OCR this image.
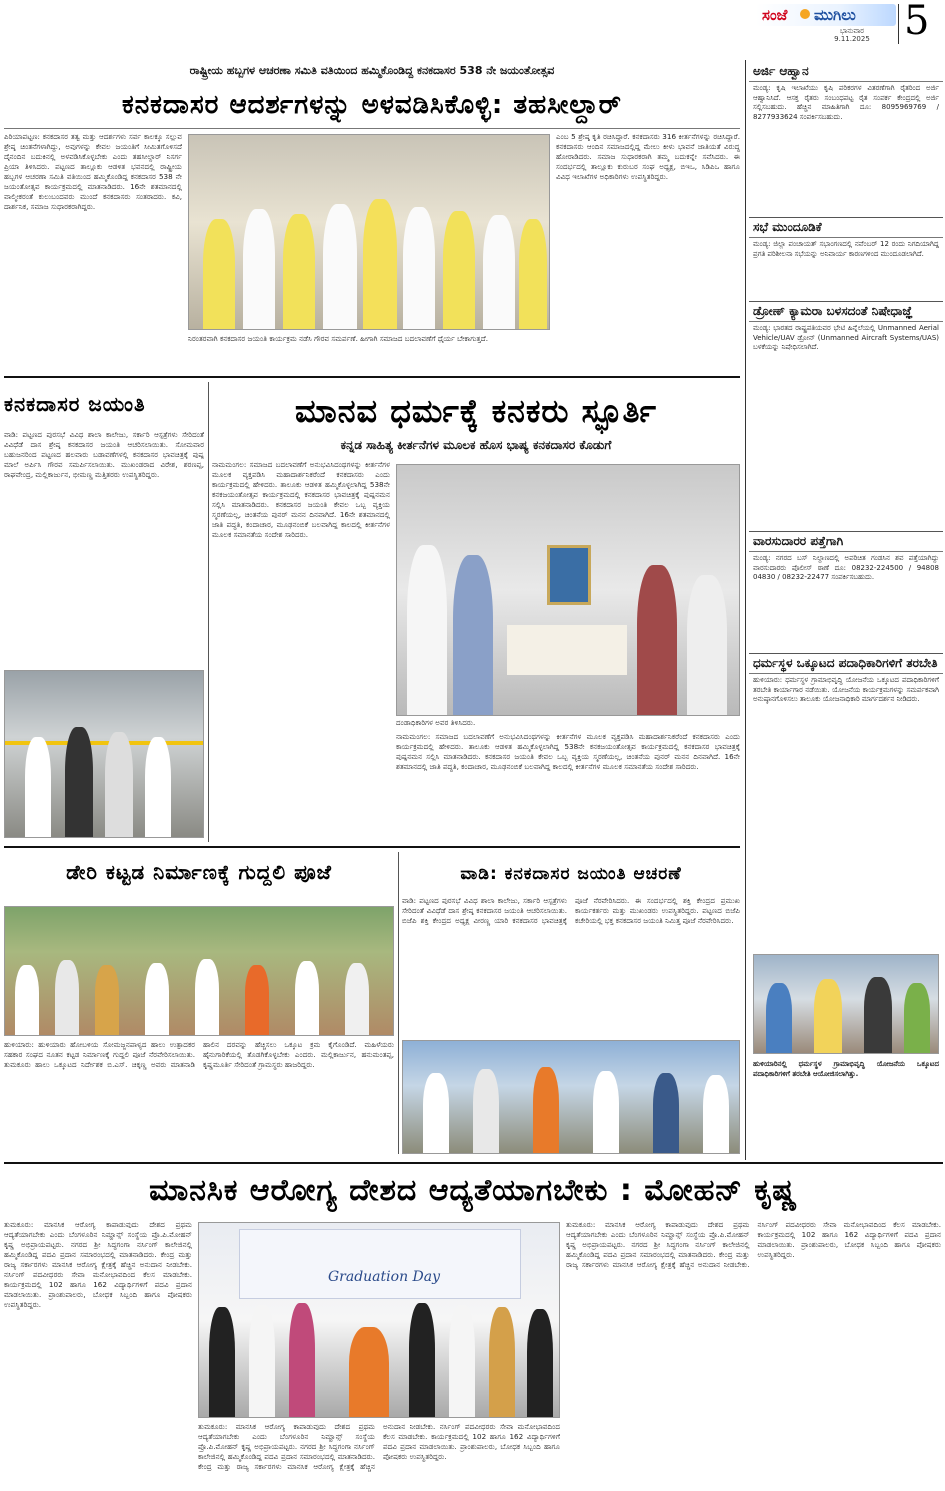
ಸಂಜೆ ಮುಗಿಲು
ಭಾನುವಾರ
9.11.2025 5
ರಾಷ್ಟ್ರೀಯ ಹಬ್ಬಗಳ ಆಚರಣಾ ಸಮಿತಿ ವತಿಯಿಂದ ಹಮ್ಮಿಕೊಂಡಿದ್ದ ಕನಕದಾಸರ 538 ನೇ ಜಯಂತೋತ್ಸವ
ಕನಕದಾಸರ ಆದರ್ಶಗಳನ್ನು ಅಳವಡಿಸಿಕೊಳ್ಳಿ: ತಹಸೀಲ್ದಾರ್
ಪಿರಿಯಾಪಟ್ಟಣ: ಕನಕದಾಸರ ತತ್ವ ಮತ್ತು ಆದರ್ಶಗಳು ಸರ್ವ ಕಾಲಕ್ಕೂ ಸಲ್ಲುವ ಶ್ರೇಷ್ಠ ಚಿಂತನೆಗಳಾಗಿದ್ದು, ಅವುಗಳನ್ನು ಕೇವಲ ಜಯಂತಿಗೆ ಸೀಮಿತಗೊಳಿಸದೆ ದೈನಂದಿನ ಬದುಕಿನಲ್ಲಿ ಅಳವಡಿಸಿಕೊಳ್ಳಬೇಕು ಎಂದು ತಹಸೀಲ್ದಾರ್ ನಿಸರ್ಗ ಪ್ರಿಯಾ ತಿಳಿಸಿದರು. ಪಟ್ಟಣದ ತಾಲ್ಲೂಕು ಆಡಳಿತ ಭವನದಲ್ಲಿ ರಾಷ್ಟ್ರೀಯ ಹಬ್ಬಗಳ ಆಚರಣಾ ಸಮಿತಿ ವತಿಯಿಂದ ಹಮ್ಮಿಕೊಂಡಿದ್ದ ಕನಕದಾಸರ 538 ನೇ ಜಯಂತೋತ್ಸವ ಕಾರ್ಯಕ್ರಮದಲ್ಲಿ ಮಾತನಾಡಿದರು. 16ನೇ ಶತಮಾನದಲ್ಲಿ ವಾಲ್ಮೀಕರಂತೆ ಕುಲುಬಂದವರು ಮುಂದೆ ಕನಕದಾಸರು ಸಂತರಾದರು. ಕವಿ, ದಾರ್ಶನಿಕ, ಸಮಾಜ ಸುಧಾರಕರಾಗಿದ್ದರು.
ನಿರಂತರವಾಗಿ ಕನಕದಾಸರ ಜಯಂತಿ ಕಾರ್ಯಕ್ರಮ ನಡೆಸಿ ಗೌರವ ಸಮರ್ಪಣೆ. ಹೀಗಾಗಿ ಸಮಾಜದ ಬದಲಾವಣೆಗೆ ಧೈರ್ಯ ಬೇಕಾಗುತ್ತದೆ.
ಎಂಬ 5 ಶ್ರೇಷ್ಠ ಕೃತಿ ರಚಿಸಿದ್ದಾರೆ. ಕನಕದಾಸರು 316 ಕೀರ್ತನೆಗಳನ್ನು ರಚಿಸಿದ್ದಾರೆ. ಕನಕದಾಸರು ಆಂದಿನ ಸಮಾಜದಲ್ಲಿದ್ದ ಮೇಲು ಕೀಳು ಭಾವನೆ ಜಾತಿಯತೆ ವಿರುದ್ಧ ಹೋರಾಡಿದರು. ಸಮಾಜ ಸುಧಾರಕರಾಗಿ ತಮ್ಮ ಬದುಕನ್ನೇ ಸವೆಸಿದರು. ಈ ಸಂದರ್ಭದಲ್ಲಿ ತಾಲ್ಲೂಕು ಕುರುಬರ ಸಂಘ ಅಧ್ಯಕ್ಷ, ಬಿಇಒ, ಸಿಡಿಪಿಒ ಹಾಗೂ ವಿವಿಧ ಇಲಾಖೆಗಳ ಅಧಿಕಾರಿಗಳು ಉಪಸ್ಥಿತರಿದ್ದರು.
ಕನಕದಾಸರ ಜಯಂತಿ
ವಾಡಿ: ಪಟ್ಟಣದ ಪುರಸಭೆ ವಿವಿಧ ಶಾಲಾ ಕಾಲೇಜು, ಸರ್ಕಾರಿ ಆಸ್ಪತ್ರೆಗಳು ಸೇರಿದಂತೆ ವಿವಿಧೆಡೆ ದಾಸ ಶ್ರೇಷ್ಠ ಕನಕದಾಸರ ಜಯಂತಿ ಆಚರಿಸಲಾಯಿತು. ಸೋಮವಾರ ಬಹುಜನರಿಂದ ಪಟ್ಟಣದ ಹಲವಾರು ಬಡಾವಣೆಗಳಲ್ಲಿ ಕನಕದಾಸರ ಭಾವಚಿತ್ರಕ್ಕೆ ಪುಷ್ಪ ಮಾಲೆ ಅರ್ಪಿಸಿ ಗೌರವ ಸಮರ್ಪಿಸಲಾಯಿತು. ಮುಖಂಡರಾದ ವಿರೇಶ, ಶರಣಪ್ಪ, ರಾಘವೇಂದ್ರ, ಮಲ್ಲಿಕಾರ್ಜುನ, ಭೀಮಣ್ಣ ಮತ್ತಿತರರು ಉಪಸ್ಥಿತರಿದ್ದರು.
ಮಾನವ ಧರ್ಮಕ್ಕೆ ಕನಕರು ಸ್ಫೂರ್ತಿ
ಕನ್ನಡ ಸಾಹಿತ್ಯ ಕೀರ್ತನೆಗಳ ಮೂಲಕ ಹೊಸ ಭಾಷ್ಯ ಕನಕದಾಸರ ಕೊಡುಗೆ
ನಾಮಮಂಗಲ: ಸಮಾಜದ ಬದಲಾವಣೆಗೆ ಅನುಭವಿಸಿದಂಥಗಳನ್ನು ಕೀರ್ತನೆಗಳ ಮೂಲಕ ವ್ಯಕ್ತಪಡಿಸಿ ಮಹಾದಾರ್ಶನಿಕರೆಂದೆ ಕನಕದಾಸರು ಎಂದು ಕಾರ್ಯಕ್ರಮದಲ್ಲಿ ಹೇಳಿದರು. ತಾಲೂಕು ಆಡಳಿತ ಹಮ್ಮಿಕೊಳ್ಳಲಾಗಿದ್ದ 538ನೇ ಕನಕಜಯಂತೋತ್ಸವ ಕಾರ್ಯಕ್ರಮದಲ್ಲಿ ಕನಕದಾಸರ ಭಾವಚಿತ್ರಕ್ಕೆ ಪುಷ್ಪನಮನ ಸಲ್ಲಿಸಿ ಮಾತನಾಡಿದರು. ಕನಕದಾಸರ ಜಯಂತಿ ಕೇವಲ ಒಬ್ಬ ವ್ಯಕ್ತಿಯ ಸ್ಮರಣೆಯಲ್ಲ, ಚಿಂತನೆಯ ಪುನರ್ ಮನನ ದಿನವಾಗಿದೆ. 16ನೇ ಶತಮಾನದಲ್ಲಿ ಜಾತಿ ಪದ್ಧತಿ, ಕಂದಾಚಾರ, ಮೂಢನಂಬಿಕೆ ಬಲವಾಗಿದ್ದ ಕಾಲದಲ್ಲಿ ಕೀರ್ತನೆಗಳ ಮೂಲಕ ಸಮಾನತೆಯ ಸಂದೇಶ ಸಾರಿದರು.
ದಂಡಾಧಿಕಾರಿಗಳ ಅವರ ತಿಳಿಸಿದರು.
ನಾಮಮಂಗಲ: ಸಮಾಜದ ಬದಲಾವಣೆಗೆ ಅನುಭವಿಸಿದಂಥಗಳನ್ನು ಕೀರ್ತನೆಗಳ ಮೂಲಕ ವ್ಯಕ್ತಪಡಿಸಿ ಮಹಾದಾರ್ಶನಿಕರೆಂದೆ ಕನಕದಾಸರು ಎಂದು ಕಾರ್ಯಕ್ರಮದಲ್ಲಿ ಹೇಳಿದರು. ತಾಲೂಕು ಆಡಳಿತ ಹಮ್ಮಿಕೊಳ್ಳಲಾಗಿದ್ದ 538ನೇ ಕನಕಜಯಂತೋತ್ಸವ ಕಾರ್ಯಕ್ರಮದಲ್ಲಿ ಕನಕದಾಸರ ಭಾವಚಿತ್ರಕ್ಕೆ ಪುಷ್ಪನಮನ ಸಲ್ಲಿಸಿ ಮಾತನಾಡಿದರು. ಕನಕದಾಸರ ಜಯಂತಿ ಕೇವಲ ಒಬ್ಬ ವ್ಯಕ್ತಿಯ ಸ್ಮರಣೆಯಲ್ಲ, ಚಿಂತನೆಯ ಪುನರ್ ಮನನ ದಿನವಾಗಿದೆ. 16ನೇ ಶತಮಾನದಲ್ಲಿ ಜಾತಿ ಪದ್ಧತಿ, ಕಂದಾಚಾರ, ಮೂಢನಂಬಿಕೆ ಬಲವಾಗಿದ್ದ ಕಾಲದಲ್ಲಿ ಕೀರ್ತನೆಗಳ ಮೂಲಕ ಸಮಾನತೆಯ ಸಂದೇಶ ಸಾರಿದರು.
ಡೇರಿ ಕಟ್ಟಡ ನಿರ್ಮಾಣಕ್ಕೆ ಗುದ್ದಲಿ ಪೂಜೆ
ಹುಳಿಯಾರು: ಹುಳಿಯಾರು ಹೋಬಳಿಯ ಸೋಮಜ್ಜನಪಾಳ್ಯದ ಹಾಲು ಉತ್ಪಾದಕರ ಸಹಕಾರ ಸಂಘದ ನೂತನ ಕಟ್ಟಡ ನಿರ್ಮಾಣಕ್ಕೆ ಗುದ್ದಲಿ ಪೂಜೆ ನೆರವೇರಿಸಲಾಯಿತು. ತುಮಕೂರು ಹಾಲು ಒಕ್ಕೂಟದ ನಿರ್ದೇಶಕ ಬಿ.ಎಸ್. ಚಿಕ್ಕಣ್ಣ ಅವರು ಮಾತನಾಡಿ ಹಾಲಿನ ದರವನ್ನು ಹೆಚ್ಚಿಸಲು ಒಕ್ಕೂಟ ಕ್ರಮ ಕೈಗೊಂಡಿದೆ. ಮಹಿಳೆಯರು ಹೈನುಗಾರಿಕೆಯಲ್ಲಿ ತೊಡಗಿಕೊಳ್ಳಬೇಕು ಎಂದರು. ಮಲ್ಲಿಕಾರ್ಜುನ, ಹನುಮಂತಪ್ಪ, ಕೃಷ್ಣಮೂರ್ತಿ ಸೇರಿದಂತೆ ಗ್ರಾಮಸ್ಥರು ಹಾಜರಿದ್ದರು.
ವಾಡಿ: ಕನಕದಾಸರ ಜಯಂತಿ ಆಚರಣೆ
ವಾಡಿ: ಪಟ್ಟಣದ ಪುರಸಭೆ ವಿವಿಧ ಶಾಲಾ ಕಾಲೇಜು, ಸರ್ಕಾರಿ ಆಸ್ಪತ್ರೆಗಳು ಸೇರಿದಂತೆ ವಿವಿಧೆಡೆ ದಾಸ ಶ್ರೇಷ್ಠ ಕನಕದಾಸರ ಜಯಂತಿ ಆಚರಿಸಲಾಯಿತು. ಬಿಜೆಪಿ ಶಕ್ತಿ ಕೇಂದ್ರದ ಅಧ್ಯಕ್ಷ ವೀರಣ್ಣ ಯಾರಿ ಕನಕದಾಸರ ಭಾವಚಿತ್ರಕ್ಕೆ ಪೂಜೆ ನೆರವೇರಿಸಿದರು. ಈ ಸಂದರ್ಭದಲ್ಲಿ ಶಕ್ತಿ ಕೇಂದ್ರದ ಪ್ರಮುಖ ಕಾರ್ಯಕರ್ತರು ಮತ್ತು ಮುಖಂಡರು ಉಪಸ್ಥಿತರಿದ್ದರು. ಪಟ್ಟಣದ ಬಿಜೆಪಿ ಕಚೇರಿಯಲ್ಲಿ ಭಕ್ತ ಕನಕದಾಸರ ಜಯಂತಿ ನಿಮಿತ್ತ ಪೂಜೆ ನೆರವೇರಿಸಿದರು.
ಅರ್ಜಿ ಆಹ್ವಾನ
ಮಂಡ್ಯ: ಕೃಷಿ ಇಲಾಖೆಯು ಕೃಷಿ ಪರಿಕರಗಳ ವಿತರಣೆಗಾಗಿ ರೈತರಿಂದ ಅರ್ಜಿ ಆಹ್ವಾನಿಸಿದೆ. ಆಸಕ್ತ ರೈತರು ಸಂಬಂಧಪಟ್ಟ ರೈತ ಸಂಪರ್ಕ ಕೇಂದ್ರದಲ್ಲಿ ಅರ್ಜಿ ಸಲ್ಲಿಸಬಹುದು. ಹೆಚ್ಚಿನ ಮಾಹಿತಿಗಾಗಿ ದೂ: 8095969769 / 8277933624 ಸಂಪರ್ಕಿಸಬಹುದು.
ಸಭೆ ಮುಂದೂಡಿಕೆ
ಮಂಡ್ಯ: ಜಿಲ್ಲಾ ಪಂಚಾಯತ್ ಸಭಾಂಗಣದಲ್ಲಿ ನವೆಂಬರ್ 12 ರಂದು ನಿಗದಿಯಾಗಿದ್ದ ಪ್ರಗತಿ ಪರಿಶೀಲನಾ ಸಭೆಯನ್ನು ಅನಿವಾರ್ಯ ಕಾರಣಗಳಿಂದ ಮುಂದೂಡಲಾಗಿದೆ.
ಡ್ರೋಣ್ ಕ್ಯಾಮರಾ ಬಳಸದಂತೆ ನಿಷೇಧಾಜ್ಞೆ
ಮಂಡ್ಯ: ಭಾರತದ ರಾಷ್ಟ್ರಪತಿಯವರ ಭೇಟಿ ಹಿನ್ನೆಲೆಯಲ್ಲಿ Unmanned Aerial Vehicle/UAV ಡ್ರೋನ್ (Unmanned Aircraft Systems/UAS) ಬಳಕೆಯನ್ನು ನಿಷೇಧಿಸಲಾಗಿದೆ.
ವಾರಸುದಾರರ ಪತ್ತೆಗಾಗಿ
ಮಂಡ್ಯ: ನಗರದ ಬಸ್ ನಿಲ್ದಾಣದಲ್ಲಿ ಅಪರಿಚಿತ ಗಂಡಸಿನ ಶವ ಪತ್ತೆಯಾಗಿದ್ದು ವಾರಸುದಾರರು ಪೊಲೀಸ್ ಠಾಣೆ ದೂ: 08232-224500 / 94808 04830 / 08232-22477 ಸಂಪರ್ಕಿಸಬಹುದು.
ಧರ್ಮಸ್ಥಳ ಒಕ್ಕೂಟದ ಪದಾಧಿಕಾರಿಗಳಿಗೆ ತರಬೇತಿ
ಹುಳಿಯಾರು: ಧರ್ಮಸ್ಥಳ ಗ್ರಾಮಾಭಿವೃದ್ಧಿ ಯೋಜನೆಯ ಒಕ್ಕೂಟದ ಪದಾಧಿಕಾರಿಗಳಿಗೆ ತರಬೇತಿ ಕಾರ್ಯಾಗಾರ ನಡೆಯಿತು. ಯೋಜನೆಯ ಕಾರ್ಯಕ್ರಮಗಳನ್ನು ಸಮರ್ಪಕವಾಗಿ ಅನುಷ್ಠಾನಗೊಳಿಸಲು ತಾಲೂಕು ಯೋಜನಾಧಿಕಾರಿ ಮಾರ್ಗದರ್ಶನ ನೀಡಿದರು.
ಹುಳಿಯಾರಿನಲ್ಲಿ ಧರ್ಮಸ್ಥಳ ಗ್ರಾಮಾಭಿವೃದ್ಧಿ ಯೋಜನೆಯ ಒಕ್ಕೂಟದ ಪದಾಧಿಕಾರಿಗಳಿಗೆ ತರಬೇತಿ ಆಯೋಜಿಸಲಾಗಿತ್ತು.
ಮಾನಸಿಕ ಆರೋಗ್ಯ ದೇಶದ ಆದ್ಯತೆಯಾಗಬೇಕು : ಮೋಹನ್ ಕೃಷ್ಣ
ತುಮಕೂರು: ಮಾನಸಿಕ ಆರೋಗ್ಯ ಕಾಪಾಡುವುದು ದೇಶದ ಪ್ರಥಮ ಆದ್ಯತೆಯಾಗಬೇಕು ಎಂದು ಬೆಂಗಳೂರಿನ ನಿಮ್ಹಾನ್ಸ್ ಸಂಸ್ಥೆಯ ಪ್ರೊ.ಪಿ.ಮೋಹನ್ ಕೃಷ್ಣ ಅಭಿಪ್ರಾಯಪಟ್ಟರು. ನಗರದ ಶ್ರೀ ಸಿದ್ಧಗಂಗಾ ನರ್ಸಿಂಗ್ ಕಾಲೇಜಿನಲ್ಲಿ ಹಮ್ಮಿಕೊಂಡಿದ್ದ ಪದವಿ ಪ್ರದಾನ ಸಮಾರಂಭದಲ್ಲಿ ಮಾತನಾಡಿದರು. ಕೇಂದ್ರ ಮತ್ತು ರಾಜ್ಯ ಸರ್ಕಾರಗಳು ಮಾನಸಿಕ ಆರೋಗ್ಯ ಕ್ಷೇತ್ರಕ್ಕೆ ಹೆಚ್ಚಿನ ಅನುದಾನ ನೀಡಬೇಕು. ನರ್ಸಿಂಗ್ ಪದವೀಧರರು ಸೇವಾ ಮನೋಭಾವದಿಂದ ಕೆಲಸ ಮಾಡಬೇಕು. ಕಾರ್ಯಕ್ರಮದಲ್ಲಿ 102 ಹಾಗೂ 162 ವಿದ್ಯಾರ್ಥಿಗಳಿಗೆ ಪದವಿ ಪ್ರದಾನ ಮಾಡಲಾಯಿತು. ಪ್ರಾಂಶುಪಾಲರು, ಬೋಧಕ ಸಿಬ್ಬಂದಿ ಹಾಗೂ ಪೋಷಕರು ಉಪಸ್ಥಿತರಿದ್ದರು.
Graduation Day
ತುಮಕೂರು: ಮಾನಸಿಕ ಆರೋಗ್ಯ ಕಾಪಾಡುವುದು ದೇಶದ ಪ್ರಥಮ ಆದ್ಯತೆಯಾಗಬೇಕು ಎಂದು ಬೆಂಗಳೂರಿನ ನಿಮ್ಹಾನ್ಸ್ ಸಂಸ್ಥೆಯ ಪ್ರೊ.ಪಿ.ಮೋಹನ್ ಕೃಷ್ಣ ಅಭಿಪ್ರಾಯಪಟ್ಟರು. ನಗರದ ಶ್ರೀ ಸಿದ್ಧಗಂಗಾ ನರ್ಸಿಂಗ್ ಕಾಲೇಜಿನಲ್ಲಿ ಹಮ್ಮಿಕೊಂಡಿದ್ದ ಪದವಿ ಪ್ರದಾನ ಸಮಾರಂಭದಲ್ಲಿ ಮಾತನಾಡಿದರು. ಕೇಂದ್ರ ಮತ್ತು ರಾಜ್ಯ ಸರ್ಕಾರಗಳು ಮಾನಸಿಕ ಆರೋಗ್ಯ ಕ್ಷೇತ್ರಕ್ಕೆ ಹೆಚ್ಚಿನ ಅನುದಾನ ನೀಡಬೇಕು. ನರ್ಸಿಂಗ್ ಪದವೀಧರರು ಸೇವಾ ಮನೋಭಾವದಿಂದ ಕೆಲಸ ಮಾಡಬೇಕು. ಕಾರ್ಯಕ್ರಮದಲ್ಲಿ 102 ಹಾಗೂ 162 ವಿದ್ಯಾರ್ಥಿಗಳಿಗೆ ಪದವಿ ಪ್ರದಾನ ಮಾಡಲಾಯಿತು. ಪ್ರಾಂಶುಪಾಲರು, ಬೋಧಕ ಸಿಬ್ಬಂದಿ ಹಾಗೂ ಪೋಷಕರು ಉಪಸ್ಥಿತರಿದ್ದರು.
ತುಮಕೂರು: ಮಾನಸಿಕ ಆರೋಗ್ಯ ಕಾಪಾಡುವುದು ದೇಶದ ಪ್ರಥಮ ಆದ್ಯತೆಯಾಗಬೇಕು ಎಂದು ಬೆಂಗಳೂರಿನ ನಿಮ್ಹಾನ್ಸ್ ಸಂಸ್ಥೆಯ ಪ್ರೊ.ಪಿ.ಮೋಹನ್ ಕೃಷ್ಣ ಅಭಿಪ್ರಾಯಪಟ್ಟರು. ನಗರದ ಶ್ರೀ ಸಿದ್ಧಗಂಗಾ ನರ್ಸಿಂಗ್ ಕಾಲೇಜಿನಲ್ಲಿ ಹಮ್ಮಿಕೊಂಡಿದ್ದ ಪದವಿ ಪ್ರದಾನ ಸಮಾರಂಭದಲ್ಲಿ ಮಾತನಾಡಿದರು. ಕೇಂದ್ರ ಮತ್ತು ರಾಜ್ಯ ಸರ್ಕಾರಗಳು ಮಾನಸಿಕ ಆರೋಗ್ಯ ಕ್ಷೇತ್ರಕ್ಕೆ ಹೆಚ್ಚಿನ ಅನುದಾನ ನೀಡಬೇಕು. ನರ್ಸಿಂಗ್ ಪದವೀಧರರು ಸೇವಾ ಮನೋಭಾವದಿಂದ ಕೆಲಸ ಮಾಡಬೇಕು. ಕಾರ್ಯಕ್ರಮದಲ್ಲಿ 102 ಹಾಗೂ 162 ವಿದ್ಯಾರ್ಥಿಗಳಿಗೆ ಪದವಿ ಪ್ರದಾನ ಮಾಡಲಾಯಿತು. ಪ್ರಾಂಶುಪಾಲರು, ಬೋಧಕ ಸಿಬ್ಬಂದಿ ಹಾಗೂ ಪೋಷಕರು ಉಪಸ್ಥಿತರಿದ್ದರು.
